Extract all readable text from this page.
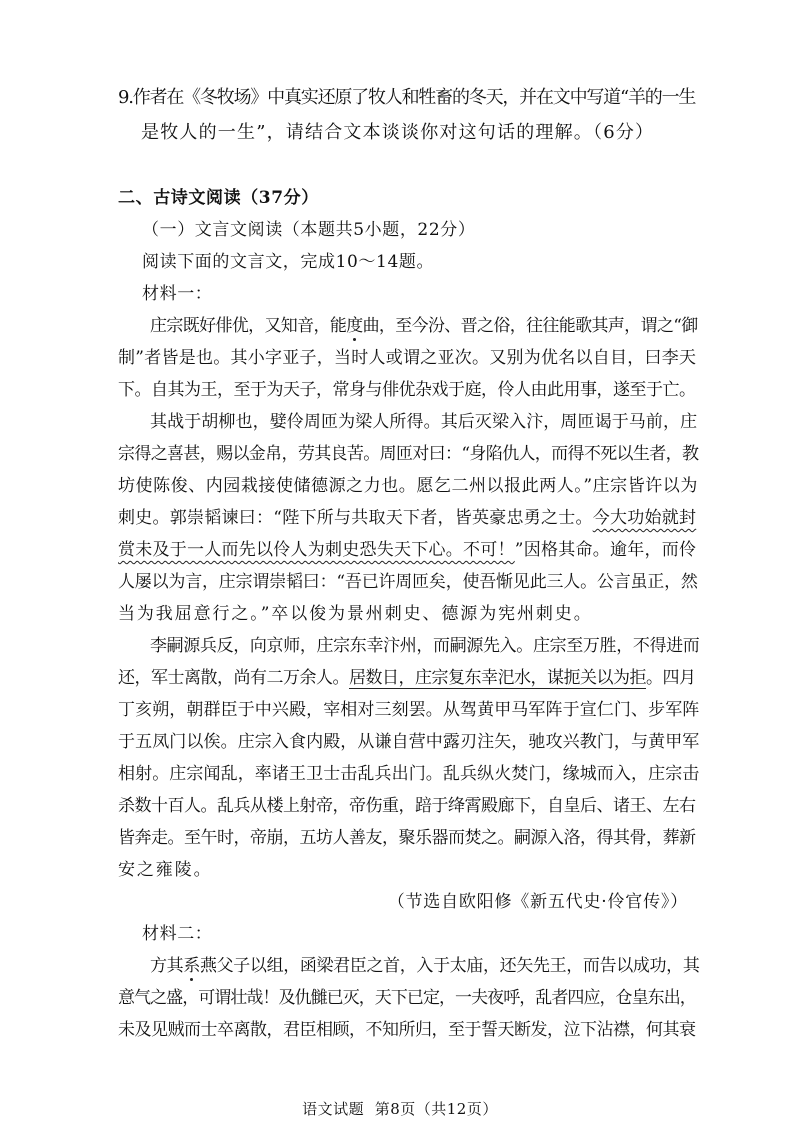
9.作者在《冬牧场》中真实还原了牧人和牲畜的冬天，并在文中写道“羊的一生

是牧人的一生”，请结合文本谈谈你对这句话的理解。（6分）

二、古诗文阅读（37分）

（一）文言文阅读（本题共5小题，22分）

阅读下面的文言文，完成10～14题。

材料一：

庄宗既好俳优，又知音，能度曲，至今汾、晋之俗，往往能歌其声，谓之“御

制”者皆是也。其小字亚子，当时人或谓之亚次。又别为优名以自目，曰李天

下。自其为王，至于为天子，常身与俳优杂戏于庭，伶人由此用事，遂至于亡。

其战于胡柳也，嬖伶周匝为梁人所得。其后灭梁入汴，周匝谒于马前，庄

宗得之喜甚，赐以金帛，劳其良苦。周匝对曰：“身陷仇人，而得不死以生者，教

坊使陈俊、内园栽接使储德源之力也。愿乞二州以报此两人。”庄宗皆许以为

刺史。郭崇韬谏曰：“陛下所与共取天下者，皆英豪忠勇之士。今大功始就封

赏未及于一人而先以伶人为刺史恐失天下心。不可！”因格其命。逾年，而伶

人屡以为言，庄宗谓崇韬曰：“吾已许周匝矣，使吾惭见此三人。公言虽正，然

当为我屈意行之。”卒以俊为景州刺史、德源为宪州刺史。

李嗣源兵反，向京师，庄宗东幸汴州，而嗣源先入。庄宗至万胜，不得进而

还，军士离散，尚有二万余人。居数日，庄宗复东幸汜水，谋扼关以为拒。四月

丁亥朔，朝群臣于中兴殿，宰相对三刻罢。从驾黄甲马军阵于宣仁门、步军阵

于五凤门以俟。庄宗入食内殿，从谦自营中露刃注矢，驰攻兴教门，与黄甲军

相射。庄宗闻乱，率诸王卫士击乱兵出门。乱兵纵火焚门，缘城而入，庄宗击

杀数十百人。乱兵从楼上射帝，帝伤重，踣于绛霄殿廊下，自皇后、诸王、左右

皆奔走。至午时，帝崩，五坊人善友，聚乐器而焚之。嗣源入洛，得其骨，葬新

安之雍陵。

（节选自欧阳修《新五代史·伶官传》）

材料二：

方其系燕父子以组，函梁君臣之首，入于太庙，还矢先王，而告以成功，其

意气之盛，可谓壮哉！及仇雠已灭，天下已定，一夫夜呼，乱者四应，仓皇东出，

未及见贼而士卒离散，君臣相顾，不知所归，至于誓天断发，泣下沾襟，何其衰

语文试题  第8页（共12页）
